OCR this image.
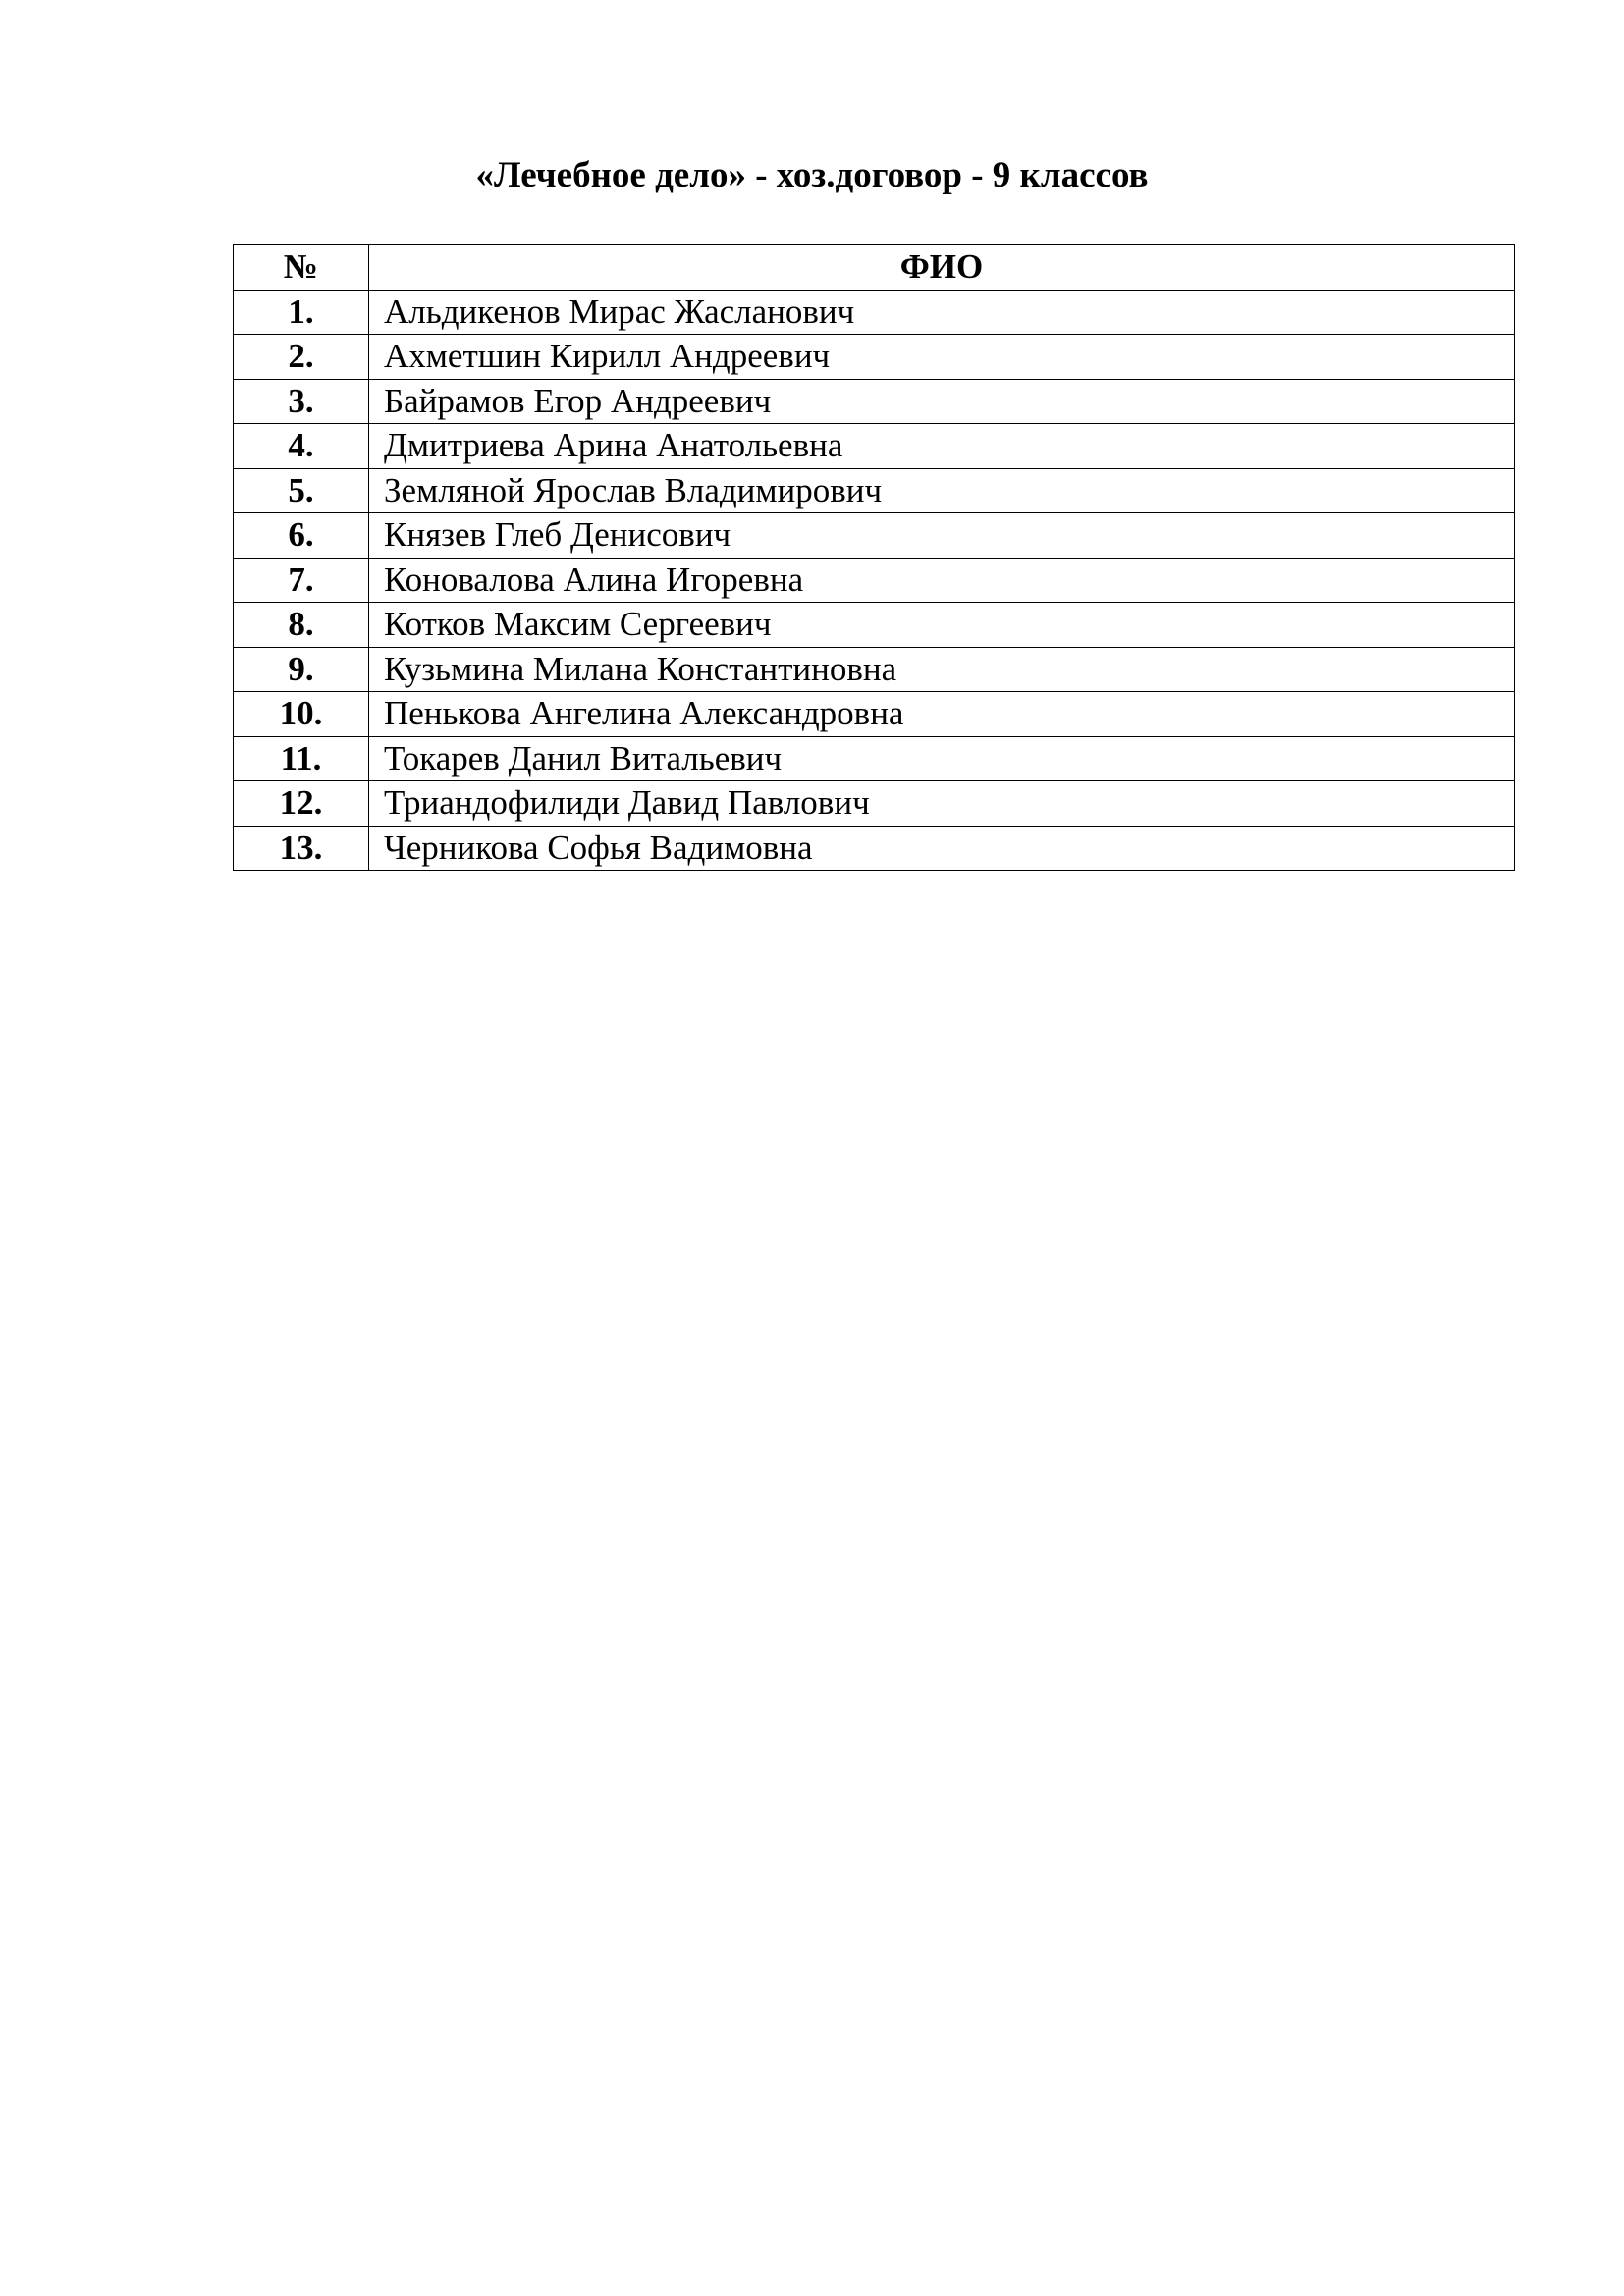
«Лечебное дело» - хоз.договор - 9 классов
№	ФИО
1.	Альдикенов Мирас Жасланович
2.	Ахметшин Кирилл Андреевич
3.	Байрамов Егор Андреевич
4.	Дмитриева Арина Анатольевна
5.	Земляной Ярослав Владимирович
6.	Князев Глеб Денисович
7.	Коновалова Алина Игоревна
8.	Котков Максим Сергеевич
9.	Кузьмина Милана Константиновна
10.	Пенькова Ангелина Александровна
11.	Токарев Данил Витальевич
12.	Триандофилиди Давид Павлович
13.	Черникова Софья Вадимовна
